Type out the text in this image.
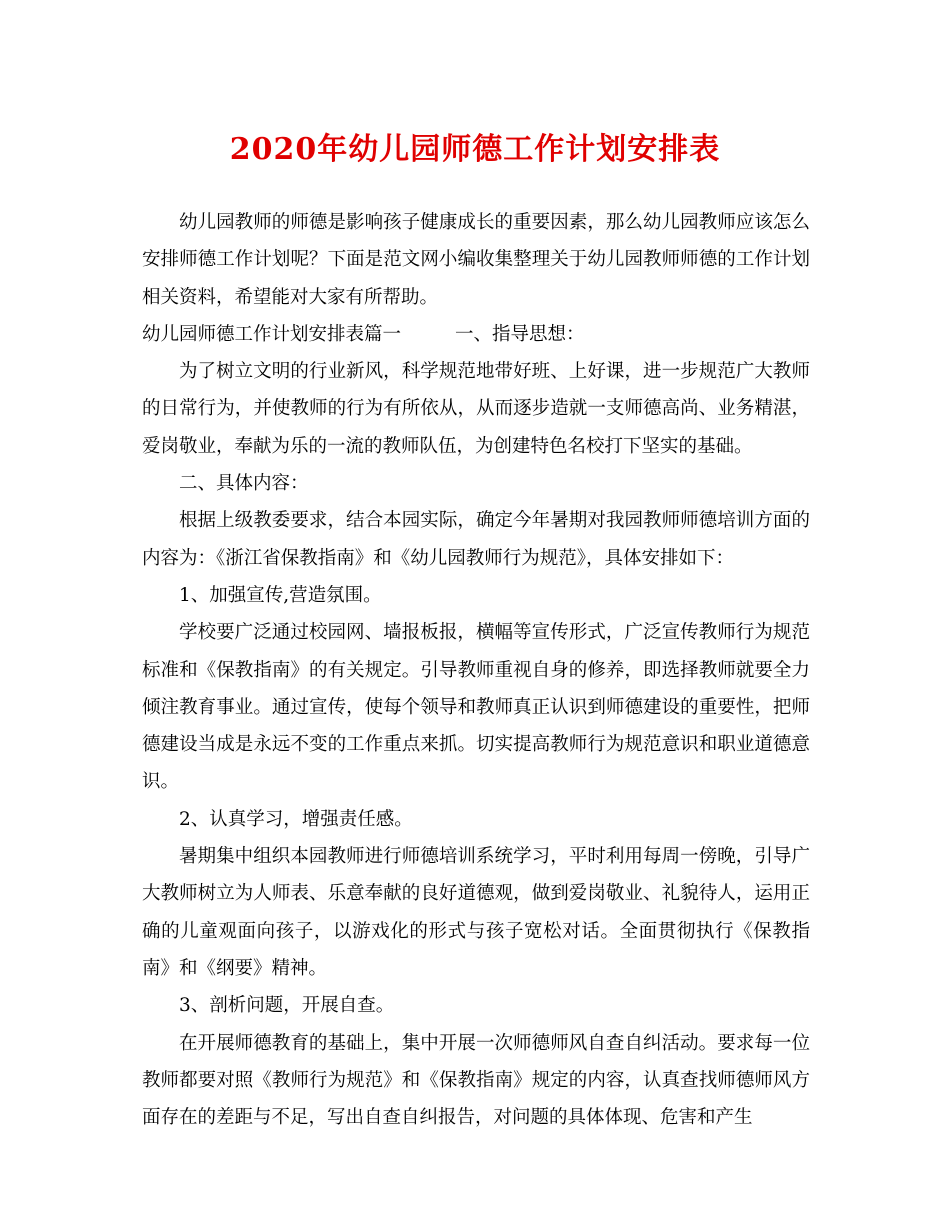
2020年幼儿园师德工作计划安排表

幼儿园教师的师德是影响孩子健康成长的重要因素，那么幼儿园教师应该怎么安排师德工作计划呢？下面是范文网小编收集整理关于幼儿园教师师德的工作计划相关资料，希望能对大家有所帮助。

幼儿园师德工作计划安排表篇一	一、指导思想：

为了树立文明的行业新风，科学规范地带好班、上好课，进一步规范广大教师的日常行为，并使教师的行为有所依从，从而逐步造就一支师德高尚、业务精湛，爱岗敬业，奉献为乐的一流的教师队伍，为创建特色名校打下坚实的基础。

二、具体内容：

根据上级教委要求，结合本园实际，确定今年暑期对我园教师师德培训方面的内容为：《浙江省保教指南》和《幼儿园教师行为规范》，具体安排如下：

1、加强宣传,营造氛围。

学校要广泛通过校园网、墙报板报，横幅等宣传形式，广泛宣传教师行为规范标准和《保教指南》的有关规定。引导教师重视自身的修养，即选择教师就要全力倾注教育事业。通过宣传，使每个领导和教师真正认识到师德建设的重要性，把师德建设当成是永远不变的工作重点来抓。切实提高教师行为规范意识和职业道德意识。

2、认真学习，增强责任感。

暑期集中组织本园教师进行师德培训系统学习，平时利用每周一傍晚，引导广大教师树立为人师表、乐意奉献的良好道德观，做到爱岗敬业、礼貌待人，运用正确的儿童观面向孩子，以游戏化的形式与孩子宽松对话。全面贯彻执行《保教指南》和《纲要》精神。

3、剖析问题，开展自查。

在开展师德教育的基础上，集中开展一次师德师风自查自纠活动。要求每一位教师都要对照《教师行为规范》和《保教指南》规定的内容，认真查找师德师风方面存在的差距与不足，写出自查自纠报告，对问题的具体体现、危害和产生
